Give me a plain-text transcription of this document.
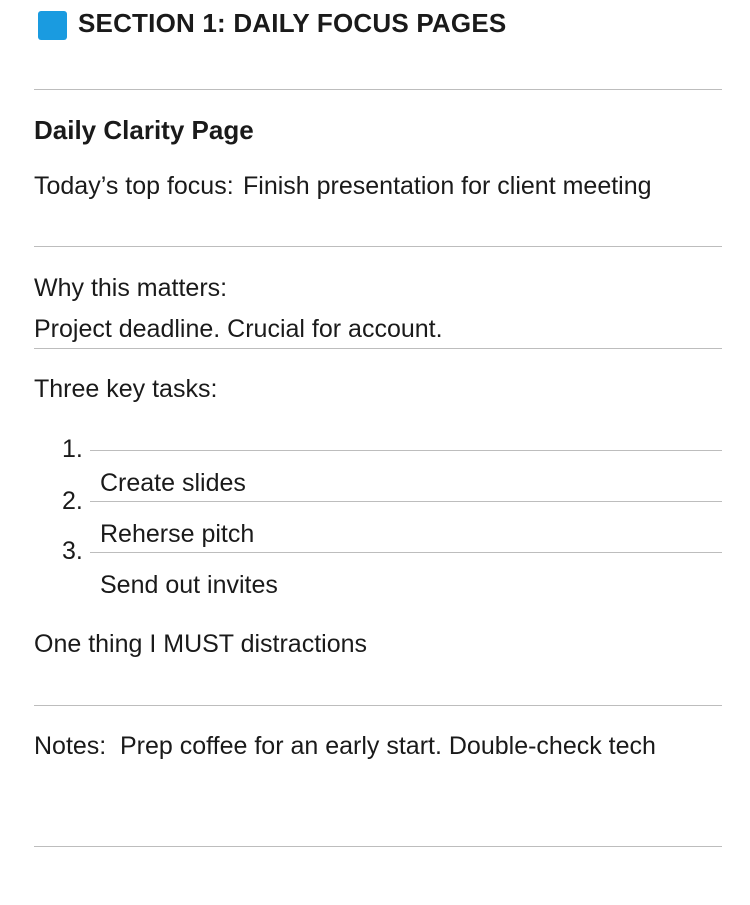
SECTION 1: DAILY FOCUS PAGES
Daily Clarity Page
Today’s top focus: Finish presentation for client meeting
Why this matters:
Project deadline. Crucial for account.
Three key tasks:
1.
Create slides
2.
Reherse pitch
3.
Send out invites
One thing I MUST distractions
Notes: Prep coffee for an early start. Double-check tech
